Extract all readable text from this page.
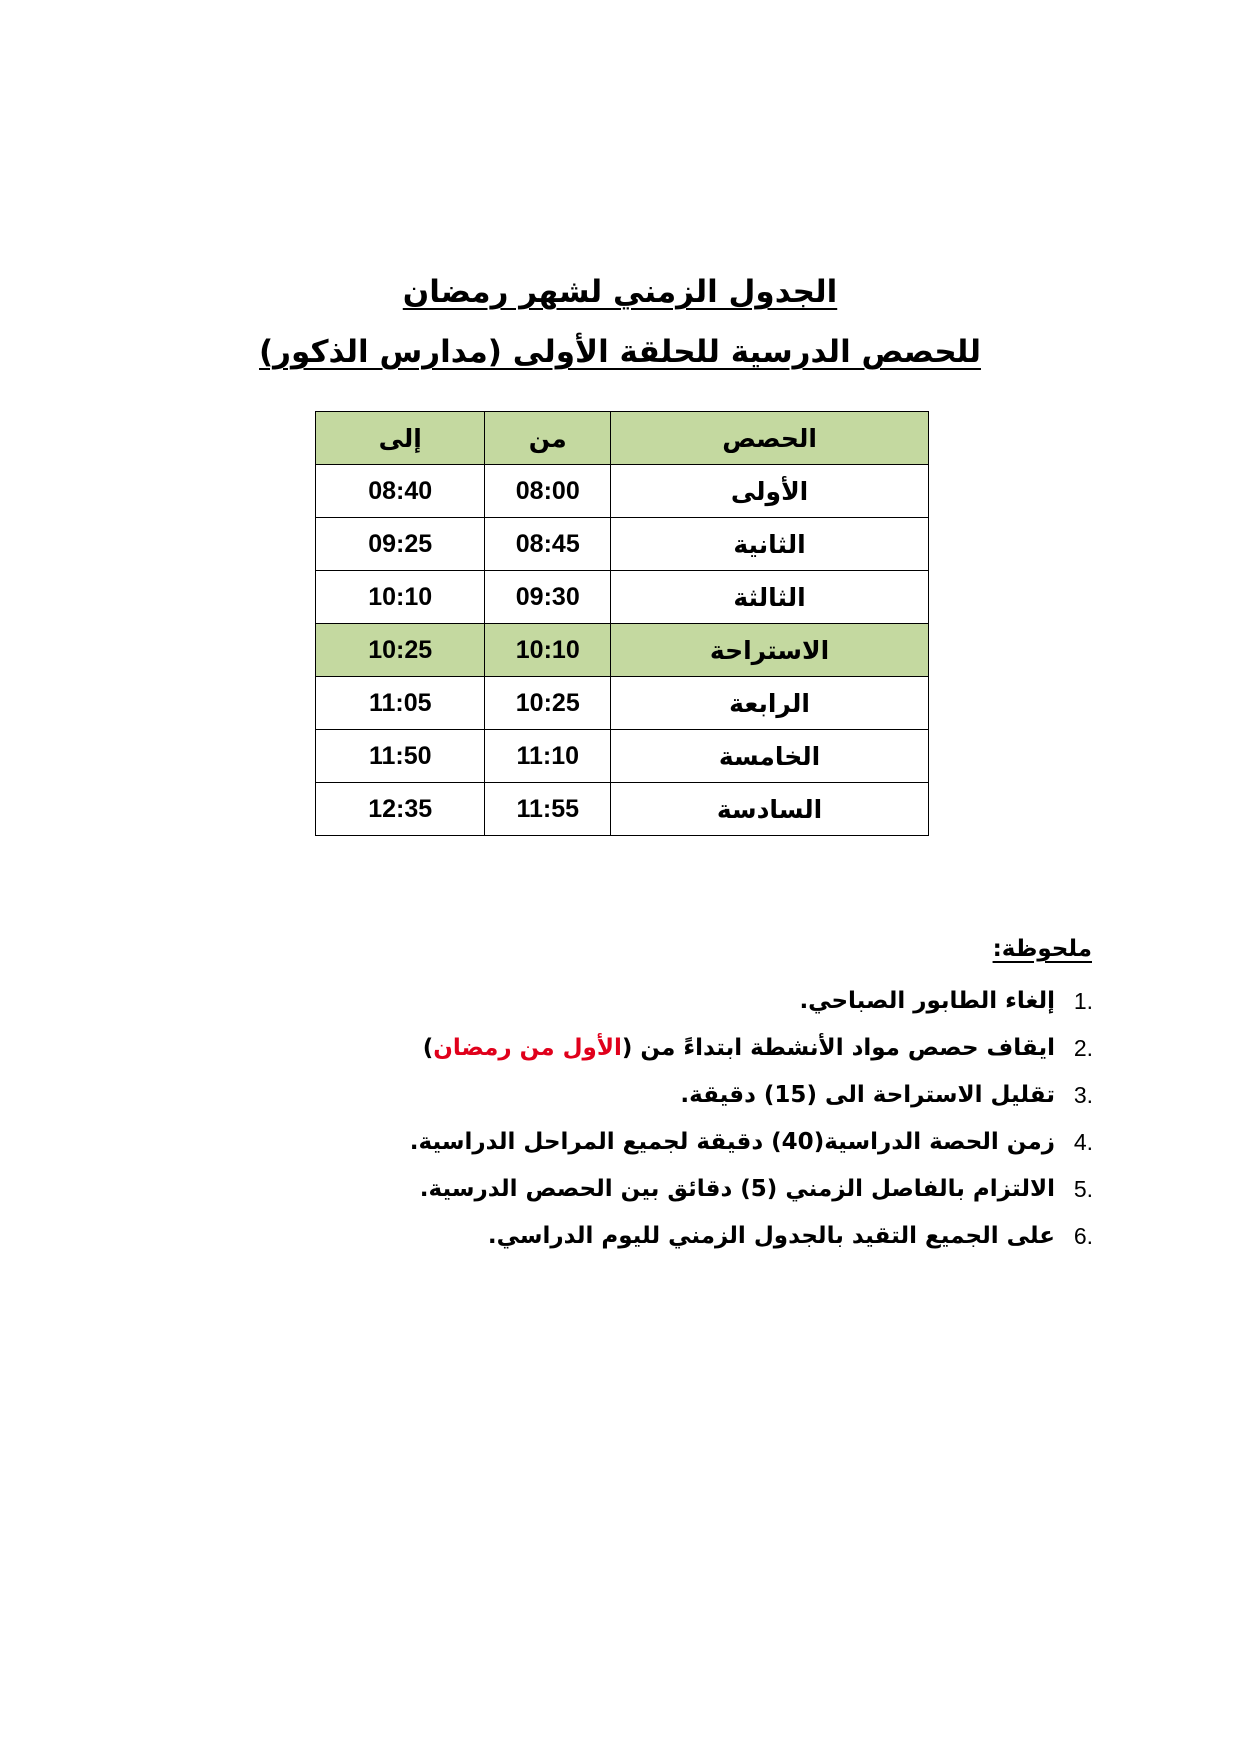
الجدول الزمني لشهر رمضان
للحصص الدرسية للحلقة الأولى (مدارس الذكور)
الحصص	من	إلى
الأولى	08:00	08:40
الثانية	08:45	09:25
الثالثة	09:30	10:10
الاستراحة	10:10	10:25
الرابعة	10:25	11:05
الخامسة	11:10	11:50
السادسة	11:55	12:35
ملحوظة:
1.
إلغاء الطابور الصباحي.
2.
ايقاف حصص مواد الأنشطة ابتداءً من (الأول من رمضان)
3.
تقليل الاستراحة الى (15) دقيقة.
4.
زمن الحصة الدراسية(40) دقيقة لجميع المراحل الدراسية.
5.
الالتزام بالفاصل الزمني (5) دقائق بين الحصص الدرسية.
6.
على الجميع التقيد بالجدول الزمني لليوم الدراسي.
